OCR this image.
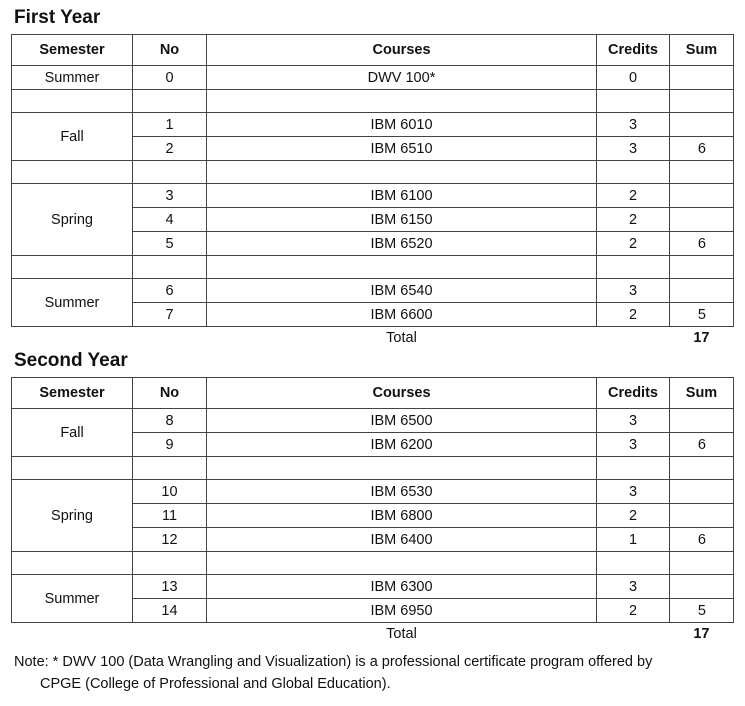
First Year
Semester	No	Courses	Credits	Sum
Summer	0	DWV 100*	0	

Fall	1	IBM 6010	3	
	2	IBM 6510	3	6

Spring	3	IBM 6100	2	
	4	IBM 6150	2	
	5	IBM 6520	2	6

Summer	6	IBM 6540	3	
	7	IBM 6600	2	5
		Total		17
Second Year
Semester	No	Courses	Credits	Sum
Fall	8	IBM 6500	3	
	9	IBM 6200	3	6

Spring	10	IBM 6530	3	
	11	IBM 6800	2	
	12	IBM 6400	1	6

Summer	13	IBM 6300	3	
	14	IBM 6950	2	5
		Total		17

Note: * DWV 100 (Data Wrangling and Visualization) is a professional certificate program offered by
CPGE (College of Professional and Global Education).
